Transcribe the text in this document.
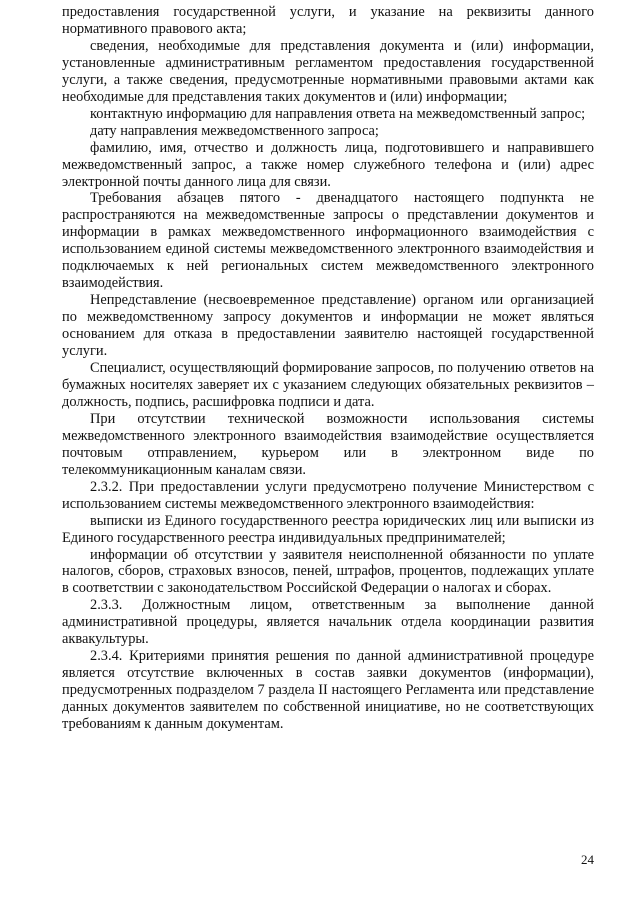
предоставления государственной услуги, и указание на реквизиты данного нормативного правового акта;

сведения, необходимые для представления документа и (или) информации, установленные административным регламентом предоставления государственной услуги, а также сведения, предусмотренные нормативными правовыми актами как необходимые для представления таких документов и (или) информации;

контактную информацию для направления ответа на межведомственный запрос;

дату направления межведомственного запроса;

фамилию, имя, отчество и должность лица, подготовившего и направившего межведомственный запрос, а также номер служебного телефона и (или) адрес электронной почты данного лица для связи.

Требования абзацев пятого - двенадцатого настоящего подпункта не распространяются на межведомственные запросы о представлении документов и информации в рамках межведомственного информационного взаимодействия с использованием единой системы межведомственного электронного взаимодействия и подключаемых к ней региональных систем межведомственного электронного взаимодействия.

Непредставление (несвоевременное представление) органом или организацией по межведомственному запросу документов и информации не может являться основанием для отказа в предоставлении заявителю настоящей государственной услуги.

Специалист, осуществляющий формирование запросов, по получению ответов на бумажных носителях заверяет их с указанием следующих обязательных реквизитов – должность, подпись, расшифровка подписи и дата.

При отсутствии технической возможности использования системы межведомственного электронного взаимодействия взаимодействие осуществляется почтовым отправлением, курьером или в электронном виде по телекоммуникационным каналам связи.

2.3.2. При предоставлении услуги предусмотрено получение Министерством с использованием системы межведомственного электронного взаимодействия:

выписки из Единого государственного реестра юридических лиц или выписки из Единого государственного реестра индивидуальных предпринимателей;

информации об отсутствии у заявителя неисполненной обязанности по уплате налогов, сборов, страховых взносов, пеней, штрафов, процентов, подлежащих уплате в соответствии с законодательством Российской Федерации о налогах и сборах.

2.3.3. Должностным лицом, ответственным за выполнение данной административной процедуры, является начальник отдела координации развития аквакультуры.

2.3.4. Критериями принятия решения по данной административной процедуре является отсутствие включенных в состав заявки документов (информации), предусмотренных подразделом 7 раздела II настоящего Регламента или представление данных документов заявителем по собственной инициативе, но не соответствующих требованиям к данным документам.

24
